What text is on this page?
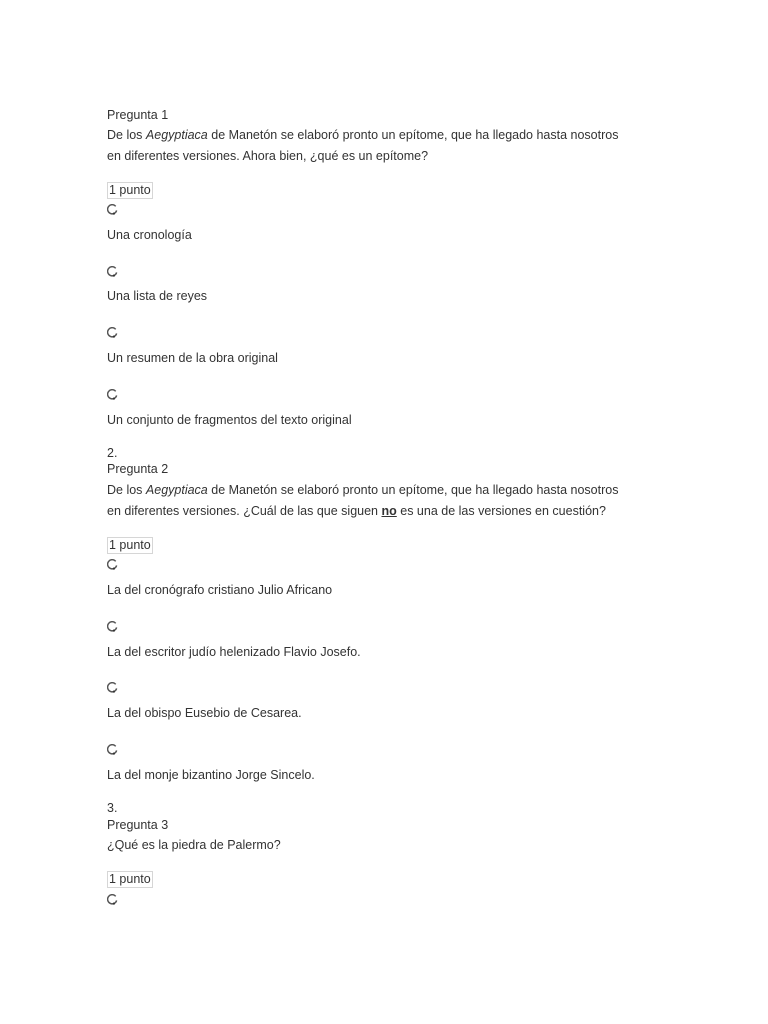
Pregunta 1
De los Aegyptiaca de Manetón se elaboró pronto un epítome, que ha llegado hasta nosotros
en diferentes versiones. Ahora bien, ¿qué es un epítome?
1 punto
Una cronología
Una lista de reyes
Un resumen de la obra original
Un conjunto de fragmentos del texto original
2.
Pregunta 2
De los Aegyptiaca de Manetón se elaboró pronto un epítome, que ha llegado hasta nosotros
en diferentes versiones. ¿Cuál de las que siguen no es una de las versiones en cuestión?
1 punto
La del cronógrafo cristiano Julio Africano
La del escritor judío helenizado Flavio Josefo.
La del obispo Eusebio de Cesarea.
La del monje bizantino Jorge Sincelo.
3.
Pregunta 3
¿Qué es la piedra de Palermo?
1 punto
